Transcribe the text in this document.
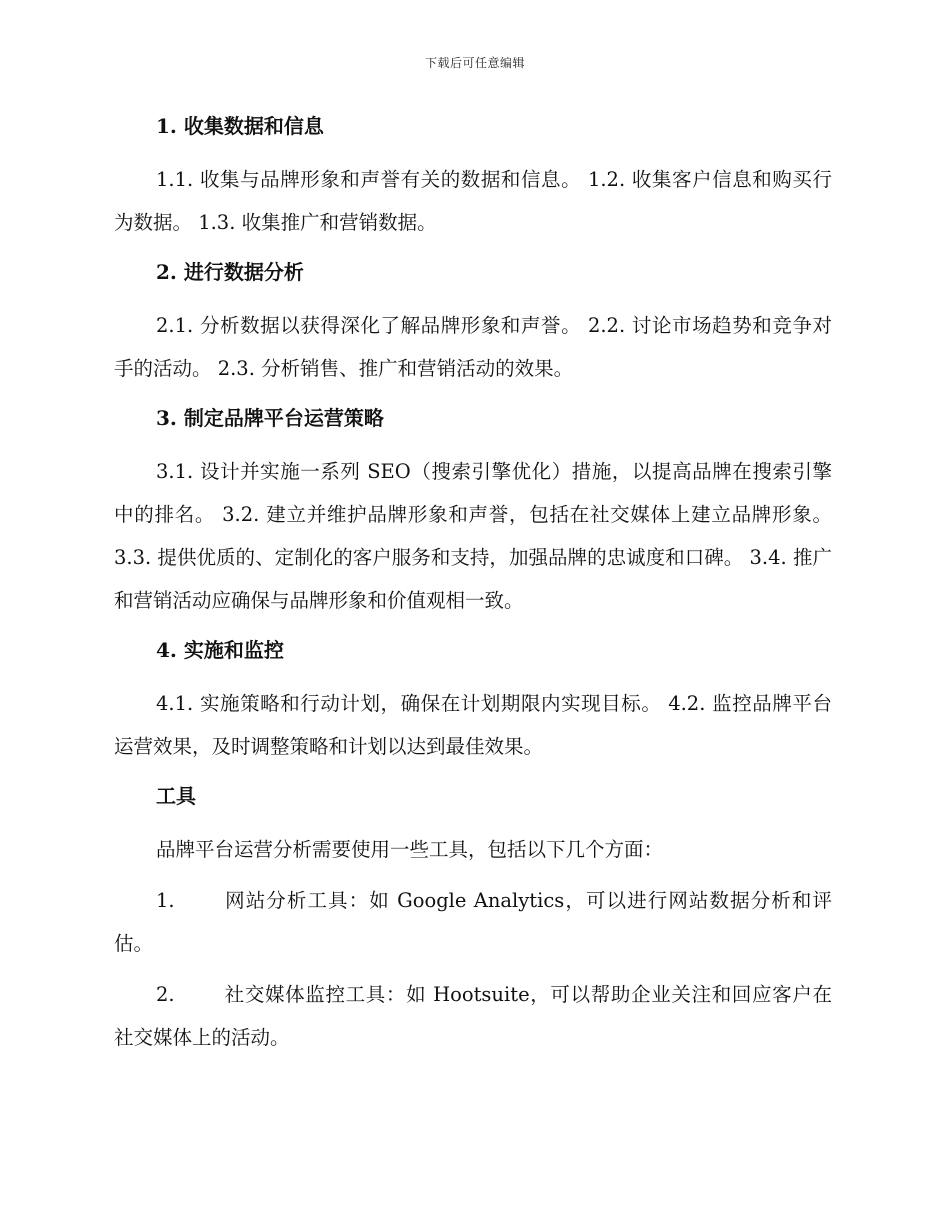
下载后可任意编辑
1. 收集数据和信息

1.1. 收集与品牌形象和声誉有关的数据和信息。 1.2. 收集客户信息和购买行为数据。 1.3. 收集推广和营销数据。

2. 进行数据分析

2.1. 分析数据以获得深化了解品牌形象和声誉。 2.2. 讨论市场趋势和竞争对手的活动。 2.3. 分析销售、推广和营销活动的效果。

3. 制定品牌平台运营策略

3.1. 设计并实施一系列 SEO（搜索引擎优化）措施，以提高品牌在搜索引擎中的排名。 3.2. 建立并维护品牌形象和声誉，包括在社交媒体上建立品牌形象。 3.3. 提供优质的、定制化的客户服务和支持，加强品牌的忠诚度和口碑。 3.4. 推广和营销活动应确保与品牌形象和价值观相一致。

4. 实施和监控

4.1. 实施策略和行动计划，确保在计划期限内实现目标。 4.2. 监控品牌平台运营效果，及时调整策略和计划以达到最佳效果。

工具

品牌平台运营分析需要使用一些工具，包括以下几个方面：

1.	网站分析工具：如 Google Analytics，可以进行网站数据分析和评估。

2.	社交媒体监控工具：如 Hootsuite，可以帮助企业关注和回应客户在社交媒体上的活动。
